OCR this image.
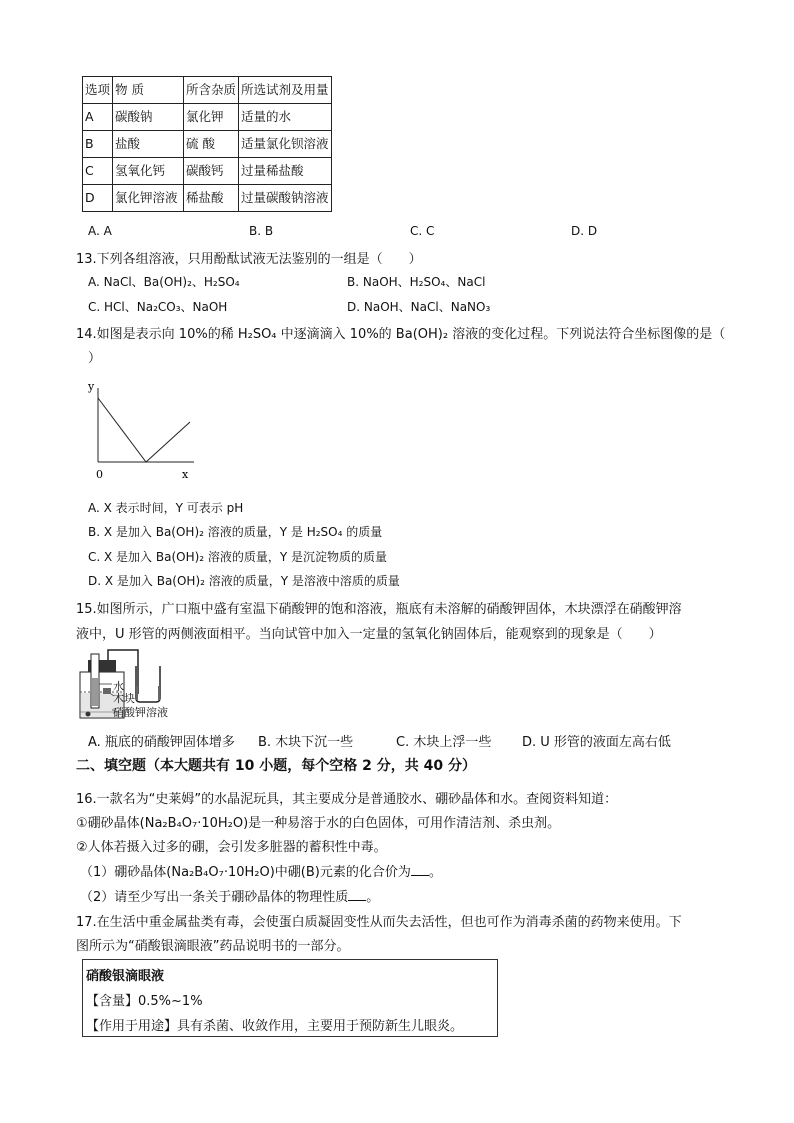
选项	物 质	所含杂质	所选试剂及用量
A	碳酸钠	氯化钾	适量的水
B	盐酸	硫 酸	适量氯化钡溶液
C	氢氧化钙	碳酸钙	过量稀盐酸
D	氯化钾溶液	稀盐酸	过量碳酸钠溶液
A. A	B. B	C. C	D. D
13.下列各组溶液，只用酚酞试液无法鉴别的一组是（　　）
A. NaCl、Ba(OH)₂、H₂SO₄	B. NaOH、H₂SO₄、NaCl
C. HCl、Na₂CO₃、NaOH	D. NaOH、NaCl、NaNO₃
14.如图是表示向 10%的稀 H₂SO₄ 中逐滴滴入 10%的 Ba(OH)₂ 溶液的变化过程。下列说法符合坐标图像的是（
）
y
x
0
A. X 表示时间，Y 可表示 pH
B. X 是加入 Ba(OH)₂ 溶液的质量，Y 是 H₂SO₄ 的质量
C. X 是加入 Ba(OH)₂ 溶液的质量，Y 是沉淀物质的质量
D. X 是加入 Ba(OH)₂ 溶液的质量，Y 是溶液中溶质的质量
15.如图所示，广口瓶中盛有室温下硝酸钾的饱和溶液，瓶底有未溶解的硝酸钾固体，木块漂浮在硝酸钾溶
液中，U 形管的两侧液面相平。当向试管中加入一定量的氢氧化钠固体后，能观察到的现象是（　　）
水
木块
硝酸钾溶液
A. 瓶底的硝酸钾固体增多 B. 木块下沉一些	C. 木块上浮一些 D. U 形管的液面左高右低
二、填空题（本大题共有 10 小题，每个空格 2 分，共 40 分）
16.一款名为“史莱姆”的水晶泥玩具，其主要成分是普通胶水、硼砂晶体和水。查阅资料知道：
①硼砂晶体(Na₂B₄O₇·10H₂O)是一种易溶于水的白色固体，可用作清洁剂、杀虫剂。
②人体若摄入过多的硼，会引发多脏器的蓄积性中毒。
（1）硼砂晶体(Na₂B₄O₇·10H₂O)中硼(B)元素的化合价为 。
（2）请至少写出一条关于硼砂晶体的物理性质 。
17.在生活中重金属盐类有毒，会使蛋白质凝固变性从而失去活性，但也可作为消毒杀菌的药物来使用。下
图所示为“硝酸银滴眼液”药品说明书的一部分。
硝酸银滴眼液
【含量】0.5%~1%
【作用于用途】具有杀菌、收敛作用，主要用于预防新生儿眼炎。
